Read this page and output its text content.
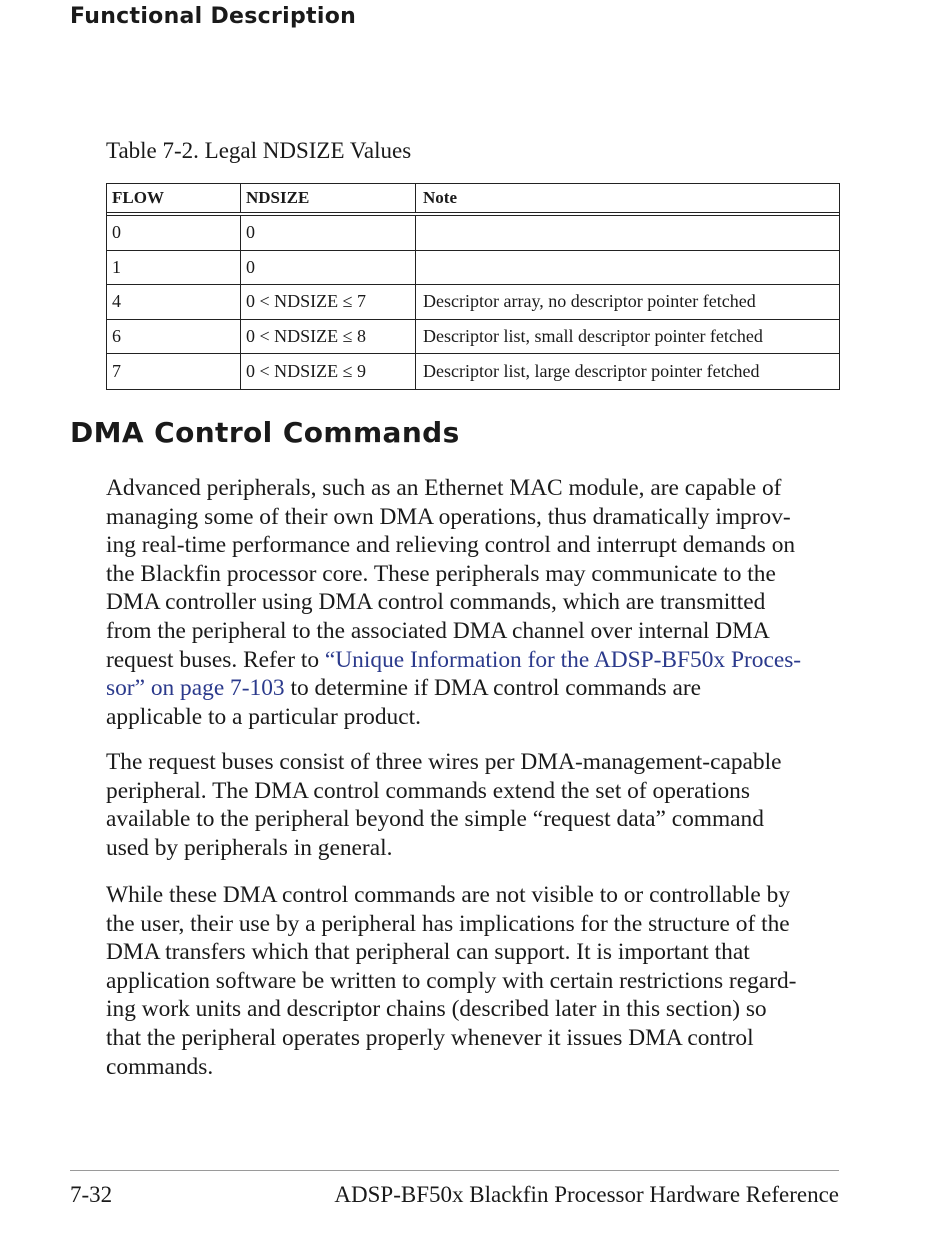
Functional Description
Table 7-2. Legal NDSIZE Values
FLOW	NDSIZE	Note
0	0
1	0
4	0 < NDSIZE ≤ 7	Descriptor array, no descriptor pointer fetched
6	0 < NDSIZE ≤ 8	Descriptor list, small descriptor pointer fetched
7	0 < NDSIZE ≤ 9	Descriptor list, large descriptor pointer fetched
DMA Control Commands
Advanced peripherals, such as an Ethernet MAC module, are capable of
managing some of their own DMA operations, thus dramatically improv-
ing real-time performance and relieving control and interrupt demands on
the Blackfin processor core. These peripherals may communicate to the
DMA controller using DMA control commands, which are transmitted
from the peripheral to the associated DMA channel over internal DMA
request buses. Refer to “Unique Information for the ADSP-BF50x Proces-
sor” on page 7-103 to determine if DMA control commands are
applicable to a particular product.
The request buses consist of three wires per DMA-management-capable
peripheral. The DMA control commands extend the set of operations
available to the peripheral beyond the simple “request data” command
used by peripherals in general.
While these DMA control commands are not visible to or controllable by
the user, their use by a peripheral has implications for the structure of the
DMA transfers which that peripheral can support. It is important that
application software be written to comply with certain restrictions regard-
ing work units and descriptor chains (described later in this section) so
that the peripheral operates properly whenever it issues DMA control
commands.
7-32	ADSP-BF50x Blackfin Processor Hardware Reference
